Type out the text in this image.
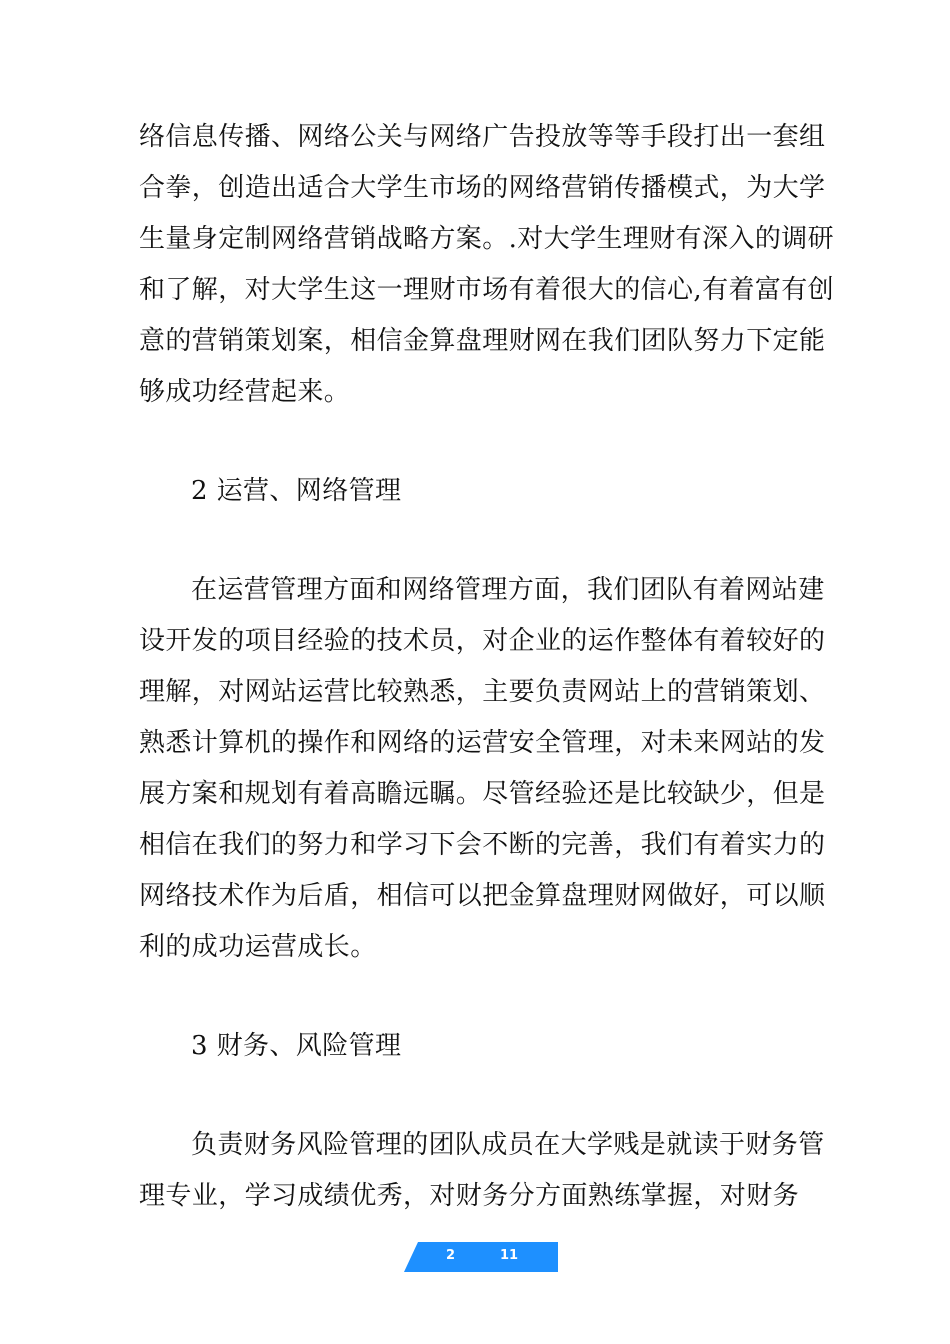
络信息传播、网络公关与网络广告投放等等手段打出一套组
合拳，创造出适合大学生市场的网络营销传播模式，为大学
生量身定制网络营销战略方案。.对大学生理财有深入的调研
和了解，对大学生这一理财市场有着很大的信心,有着富有创
意的营销策划案，相信金算盘理财网在我们团队努力下定能
够成功经营起来。

2 运营、网络管理

在运营管理方面和网络管理方面，我们团队有着网站建
设开发的项目经验的技术员，对企业的运作整体有着较好的
理解，对网站运营比较熟悉，主要负责网站上的营销策划、
熟悉计算机的操作和网络的运营安全管理，对未来网站的发
展方案和规划有着高瞻远瞩。尽管经验还是比较缺少，但是
相信在我们的努力和学习下会不断的完善，我们有着实力的
网络技术作为后盾，相信可以把金算盘理财网做好，可以顺
利的成功运营成长。

3 财务、风险管理

负责财务风险管理的团队成员在大学贱是就读于财务管
理专业，学习成绩优秀，对财务分方面熟练掌握，对财务

2	11
